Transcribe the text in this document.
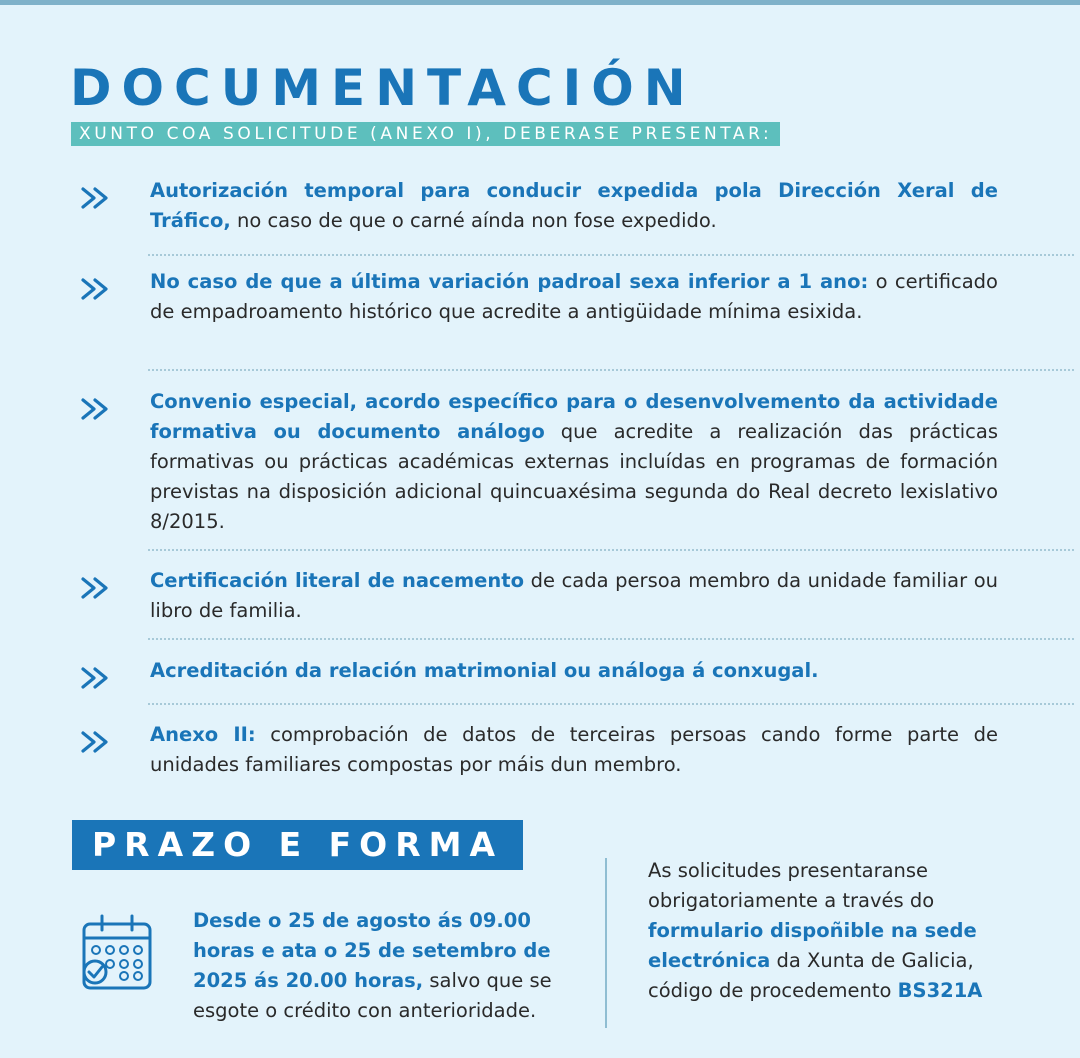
DOCUMENTACIÓN
XUNTO COA SOLICITUDE (ANEXO I), DEBERASE PRESENTAR:

Autorización temporal para conducir expedida pola Dirección Xeral de Tráfico, no caso de que o carné aínda non fose expedido.

No caso de que a última variación padroal sexa inferior a 1 ano: o certificado de empadroamento histórico que acredite a antigüidade mínima esixida.

Convenio especial, acordo específico para o desenvolvemento da actividade formativa ou documento análogo que acredite a realización das prácticas formativas ou prácticas académicas externas incluídas en programas de formación previstas na disposición adicional quincuaxésima segunda do Real decreto lexislativo 8/2015.

Certificación literal de nacemento de cada persoa membro da unidade familiar ou libro de familia.

Acreditación da relación matrimonial ou análoga á conxugal.

Anexo II: comprobación de datos de terceiras persoas cando forme parte de unidades familiares compostas por máis dun membro.

PRAZO E FORMA

Desde o 25 de agosto ás 09.00 horas e ata o 25 de setembro de 2025 ás 20.00 horas, salvo que se esgote o crédito con anterioridade.

As solicitudes presentaranse obrigatoriamente a través do formulario dispoñible na sede electrónica da Xunta de Galicia, código de procedemento BS321A
